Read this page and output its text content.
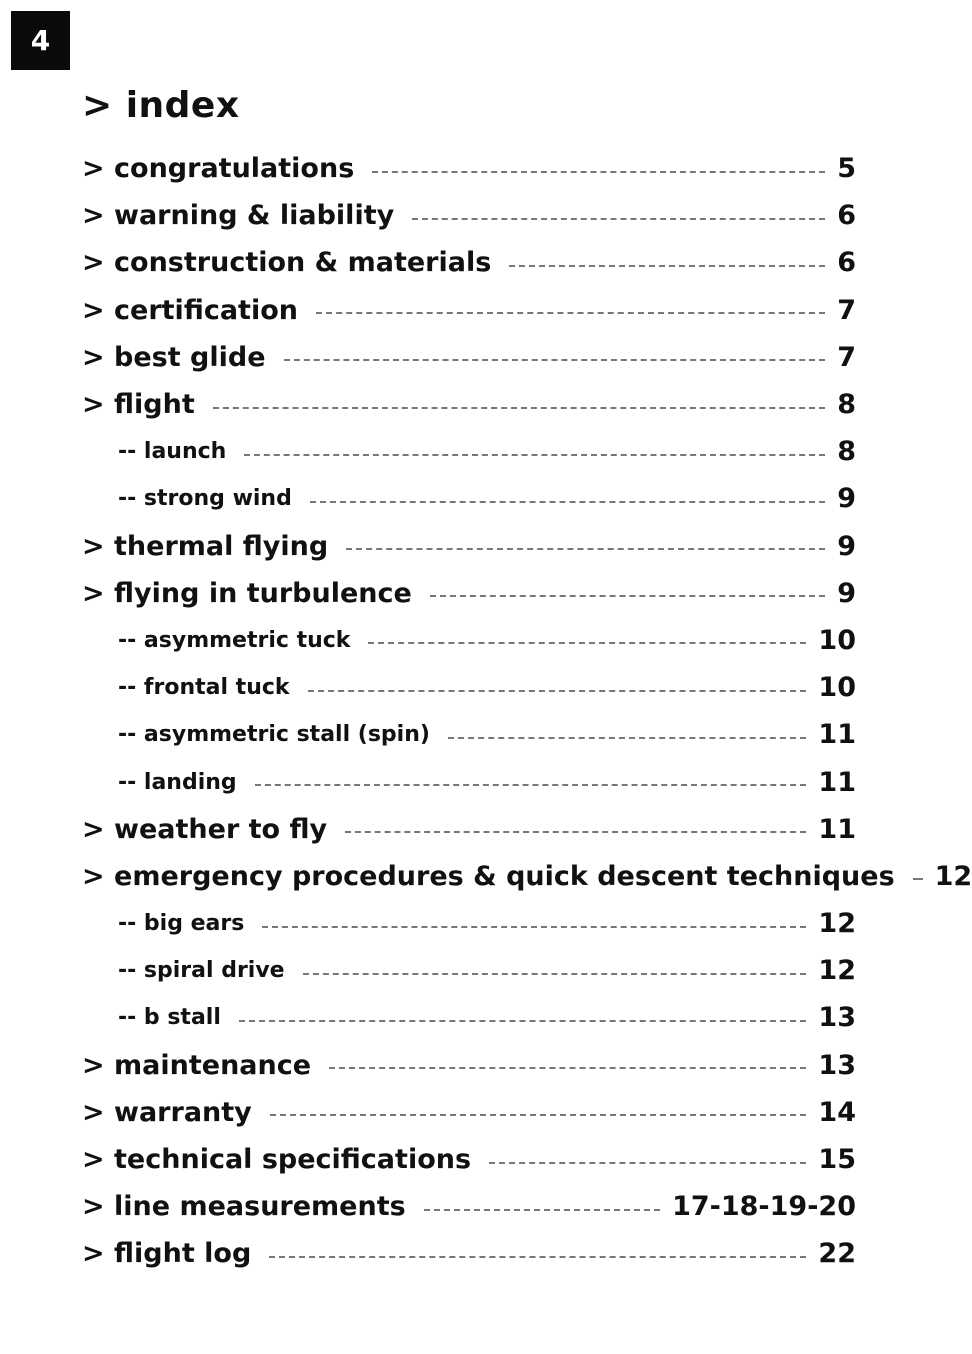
4
> index
> congratulations	5
> warning & liability	6
> construction & materials	6
> certification	7
> best glide	7
> flight	8
-- launch	8
-- strong wind	9
> thermal flying	9
> flying in turbulence	9
-- asymmetric tuck	10
-- frontal tuck	10
-- asymmetric stall (spin)	11
-- landing	11
> weather to fly	11
> emergency procedures & quick descent techniques	12
-- big ears	12
-- spiral drive	12
-- b stall	13
> maintenance	13
> warranty	14
> technical specifications	15
> line measurements	17-18-19-20
> flight log	22
